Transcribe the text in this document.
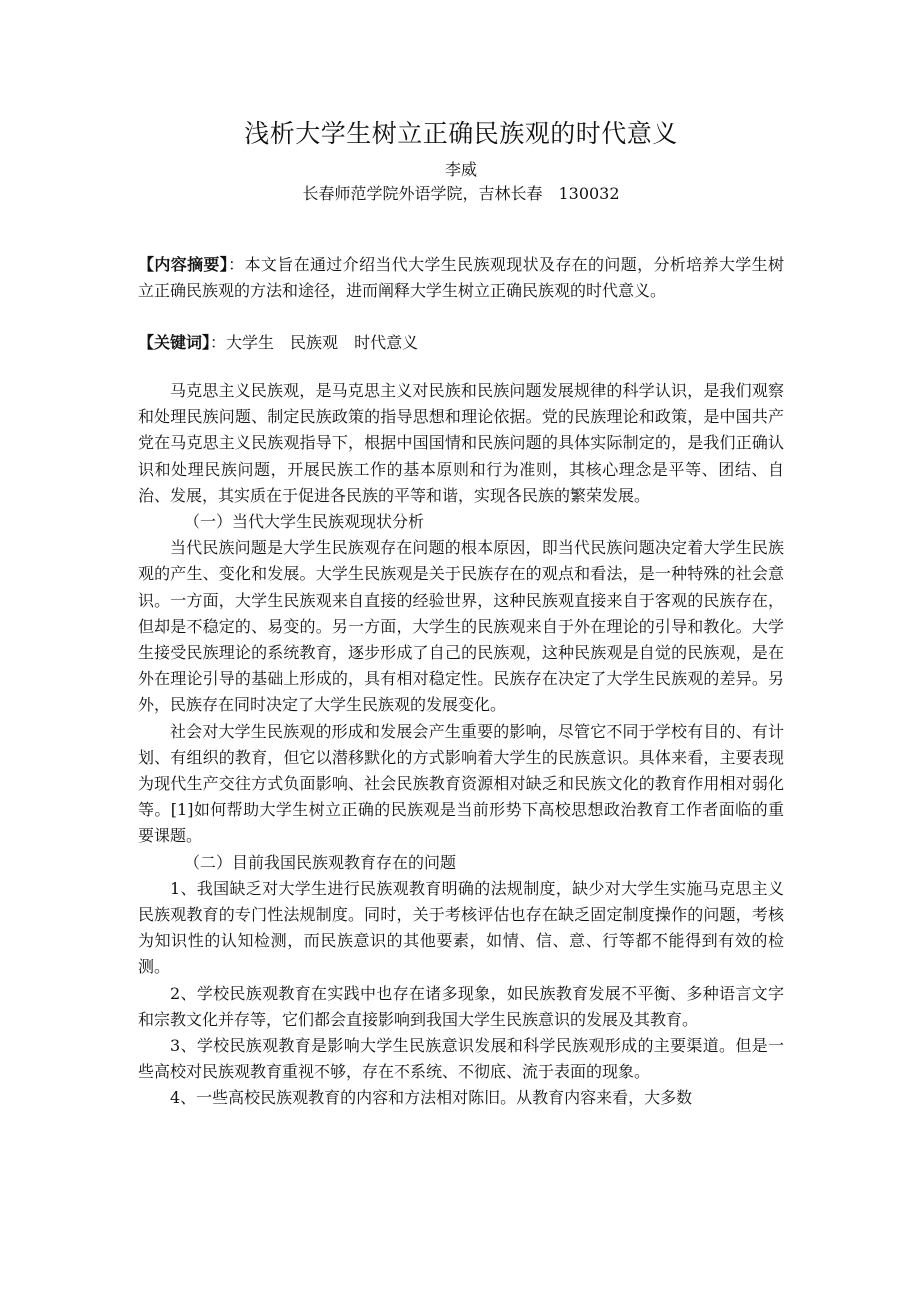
浅析大学生树立正确民族观的时代意义
李威
长春师范学院外语学院，吉林长春　130032
【内容摘要】：本文旨在通过介绍当代大学生民族观现状及存在的问题，分析培养大学生树立正确民族观的方法和途径，进而阐释大学生树立正确民族观的时代意义。
【关键词】：大学生 民族观 时代意义

马克思主义民族观，是马克思主义对民族和民族问题发展规律的科学认识，是我们观察和处理民族问题、制定民族政策的指导思想和理论依据。党的民族理论和政策，是中国共产党在马克思主义民族观指导下，根据中国国情和民族问题的具体实际制定的，是我们正确认识和处理民族问题，开展民族工作的基本原则和行为准则，其核心理念是平等、团结、自治、发展，其实质在于促进各民族的平等和谐，实现各民族的繁荣发展。

（一）当代大学生民族观现状分析

当代民族问题是大学生民族观存在问题的根本原因，即当代民族问题决定着大学生民族观的产生、变化和发展。大学生民族观是关于民族存在的观点和看法，是一种特殊的社会意识。一方面，大学生民族观来自直接的经验世界，这种民族观直接来自于客观的民族存在，但却是不稳定的、易变的。另一方面，大学生的民族观来自于外在理论的引导和教化。大学生接受民族理论的系统教育，逐步形成了自己的民族观，这种民族观是自觉的民族观，是在外在理论引导的基础上形成的，具有相对稳定性。民族存在决定了大学生民族观的差异。另外，民族存在同时决定了大学生民族观的发展变化。

社会对大学生民族观的形成和发展会产生重要的影响，尽管它不同于学校有目的、有计划、有组织的教育，但它以潜移默化的方式影响着大学生的民族意识。具体来看，主要表现为现代生产交往方式负面影响、社会民族教育资源相对缺乏和民族文化的教育作用相对弱化等。[1]如何帮助大学生树立正确的民族观是当前形势下高校思想政治教育工作者面临的重要课题。

（二）目前我国民族观教育存在的问题

1、我国缺乏对大学生进行民族观教育明确的法规制度，缺少对大学生实施马克思主义民族观教育的专门性法规制度。同时，关于考核评估也存在缺乏固定制度操作的问题，考核为知识性的认知检测，而民族意识的其他要素，如情、信、意、行等都不能得到有效的检测。

2、学校民族观教育在实践中也存在诸多现象，如民族教育发展不平衡、多种语言文字和宗教文化并存等，它们都会直接影响到我国大学生民族意识的发展及其教育。

3、学校民族观教育是影响大学生民族意识发展和科学民族观形成的主要渠道。但是一些高校对民族观教育重视不够，存在不系统、不彻底、流于表面的现象。

4、一些高校民族观教育的内容和方法相对陈旧。从教育内容来看，大多数
